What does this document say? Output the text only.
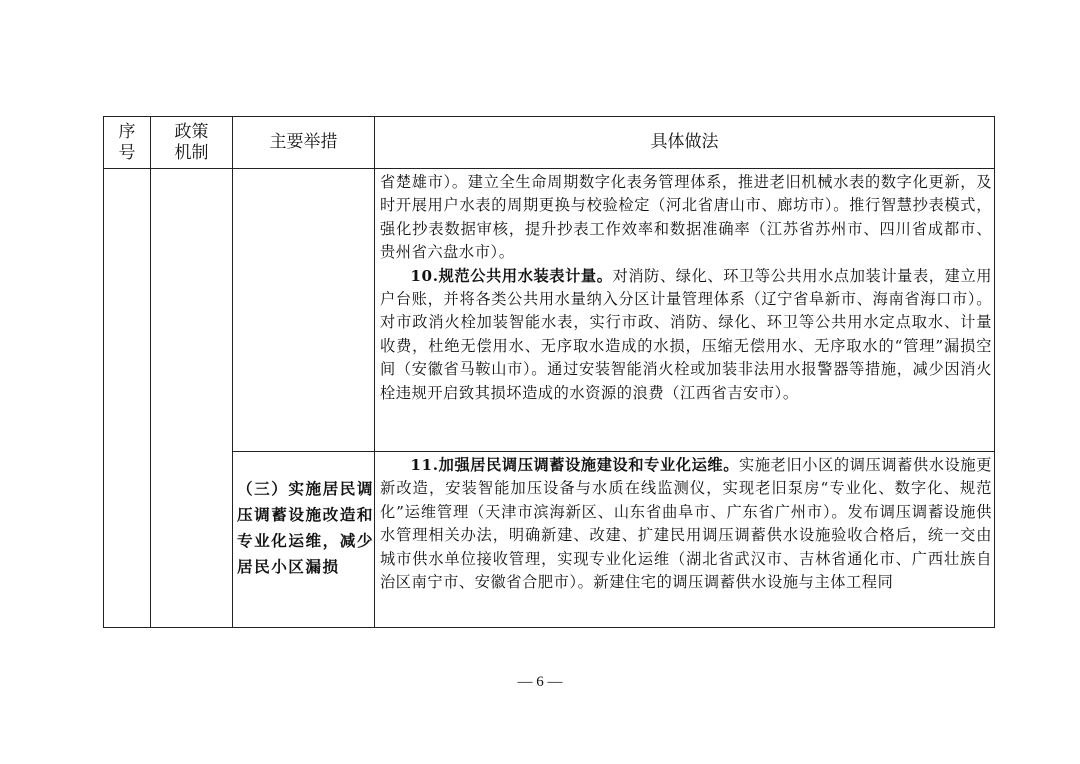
序
号
政策
机制
主要举措	具体做法

省楚雄市）。建立全生命周期数字化表务管理体系，推进老旧机械水表的数字化更新，及时开展用户水表的周期更换与校验检定（河北省唐山市、廊坊市）。推行智慧抄表模式，强化抄表数据审核，提升抄表工作效率和数据准确率（江苏省苏州市、四川省成都市、贵州省六盘水市）。

10.规范公共用水装表计量。对消防、绿化、环卫等公共用水点加装计量表，建立用户台账，并将各类公共用水量纳入分区计量管理体系（辽宁省阜新市、海南省海口市）。对市政消火栓加装智能水表，实行市政、消防、绿化、环卫等公共用水定点取水、计量收费，杜绝无偿用水、无序取水造成的水损，压缩无偿用水、无序取水的“管理”漏损空间（安徽省马鞍山市）。通过安装智能消火栓或加装非法用水报警器等措施，减少因消火栓违规开启致其损坏造成的水资源的浪费（江西省吉安市）。

（三）实施居民调压调蓄设施改造和专业化运维，减少居民小区漏损

11.加强居民调压调蓄设施建设和专业化运维。实施老旧小区的调压调蓄供水设施更新改造，安装智能加压设备与水质在线监测仪，实现老旧泵房“专业化、数字化、规范化”运维管理（天津市滨海新区、山东省曲阜市、广东省广州市）。发布调压调蓄设施供水管理相关办法，明确新建、改建、扩建民用调压调蓄供水设施验收合格后，统一交由城市供水单位接收管理，实现专业化运维（湖北省武汉市、吉林省通化市、广西壮族自治区南宁市、安徽省合肥市）。新建住宅的调压调蓄供水设施与主体工程同

— 6 —
